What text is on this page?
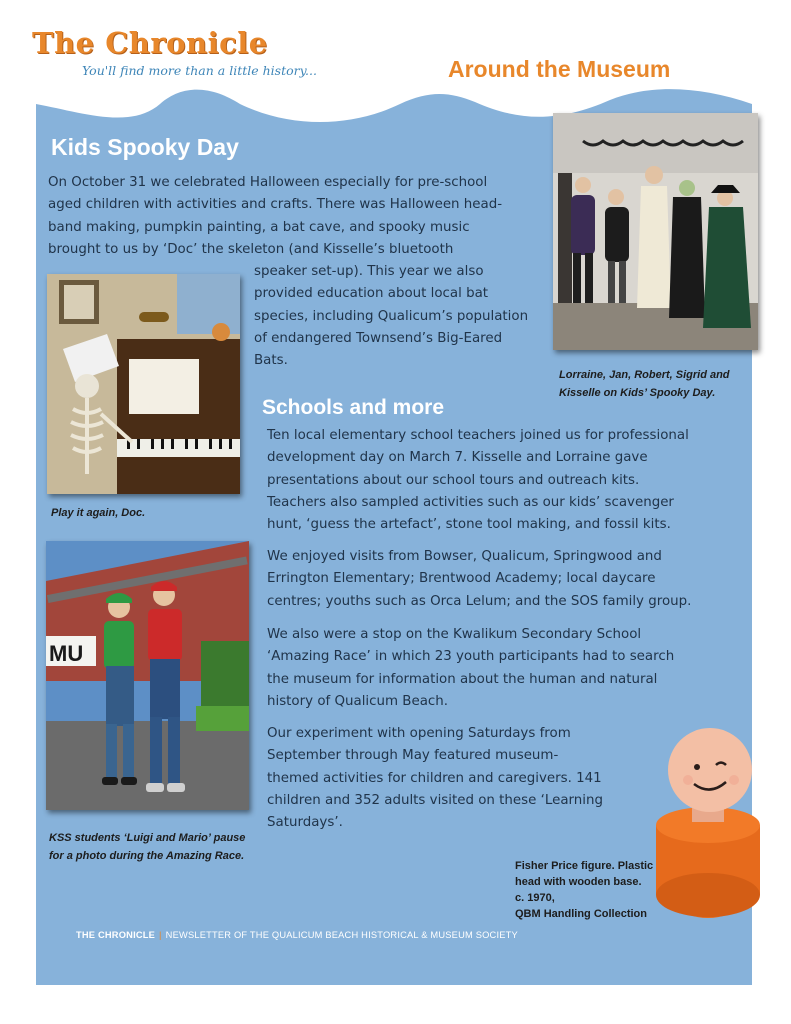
The Chronicle
You'll find more than a little history...	Around the Museum
Kids Spooky Day
On October 31 we celebrated Halloween especially for pre-school
aged children with activities and crafts. There was Halloween head-
band making, pumpkin painting, a bat cave, and spooky music
brought to us by ‘Doc’ the skeleton (and Kisselle’s bluetooth
speaker set-up). This year we also
provided education about local bat
species, including Qualicum’s population
of endangered Townsend’s Big-Eared
Bats.
Lorraine, Jan, Robert, Sigrid and
Kisselle on Kids’ Spooky Day.
Play it again, Doc.
Schools and more
Ten local elementary school teachers joined us for professional
development day on March 7. Kisselle and Lorraine gave
presentations about our school tours and outreach kits.
Teachers also sampled activities such as our kids’ scavenger
hunt, ‘guess the artefact’, stone tool making, and fossil kits.
We enjoyed visits from Bowser, Qualicum, Springwood and
Errington Elementary; Brentwood Academy; local daycare
centres; youths such as Orca Lelum; and the SOS family group.
We also were a stop on the Kwalikum Secondary School
‘Amazing Race’ in which 23 youth participants had to search
the museum for information about the human and natural
history of Qualicum Beach.
Our experiment with opening Saturdays from
September through May featured museum-
themed activities for children and caregivers. 141
children and 352 adults visited on these ‘Learning
Saturdays’.
MU
KSS students ‘Luigi and Mario’ pause
for a photo during the Amazing Race.
Fisher Price figure. Plastic
head with wooden base.
c. 1970,
QBM Handling Collection
THE CHRONICLE | NEWSLETTER OF THE QUALICUM BEACH HISTORICAL & MUSEUM SOCIETY
